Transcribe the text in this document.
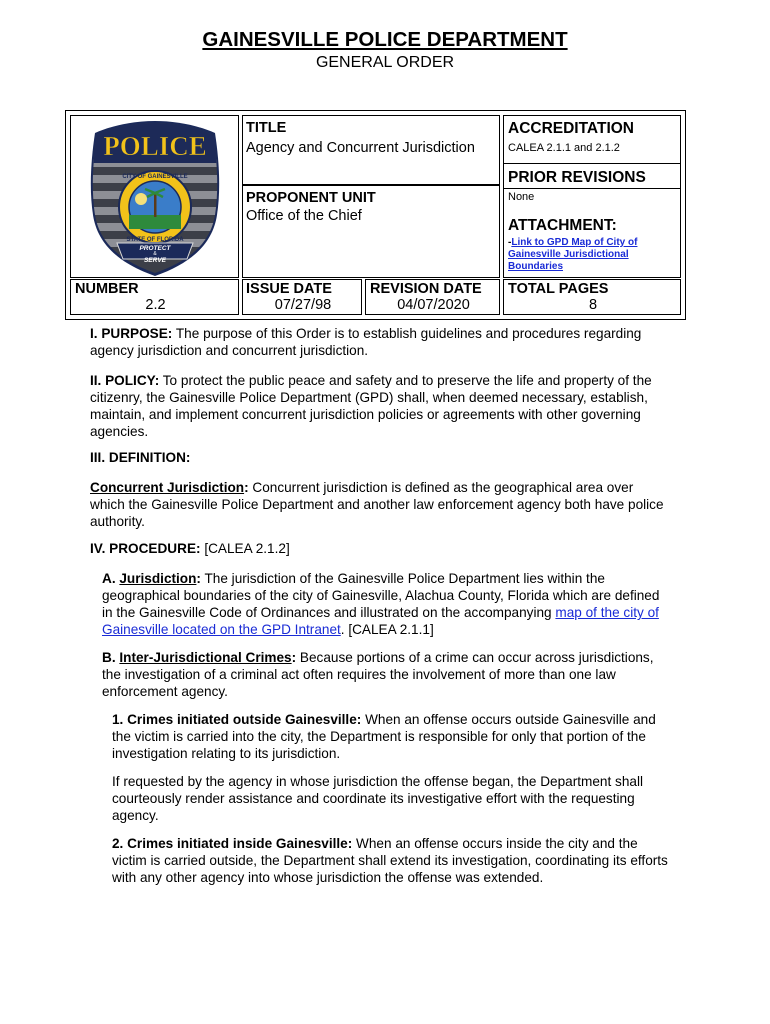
GAINESVILLE POLICE DEPARTMENT
GENERAL ORDER
POLICE
CITY OF GAINESVILLE
STATE OF FLORIDA
PROTECT
&
SERVE
TITLE
Agency and Concurrent Jurisdiction
PROPONENT UNIT
Office of the Chief
ACCREDITATION
CALEA 2.1.1 and 2.1.2
PRIOR REVISIONS
None
ATTACHMENT:
-Link to GPD Map of City of
Gainesville Jurisdictional
Boundaries
NUMBER
2.2
ISSUE DATE
07/27/98
REVISION DATE
04/07/2020
TOTAL PAGES
8

I. PURPOSE: The purpose of this Order is to establish guidelines and procedures regarding

agency jurisdiction and concurrent jurisdiction.

II. POLICY: To protect the public peace and safety and to preserve the life and property of the

citizenry, the Gainesville Police Department (GPD) shall, when deemed necessary, establish,

maintain, and implement concurrent jurisdiction policies or agreements with other governing

agencies.

III. DEFINITION:

Concurrent Jurisdiction: Concurrent jurisdiction is defined as the geographical area over

which the Gainesville Police Department and another law enforcement agency both have police

authority.

IV. PROCEDURE: [CALEA 2.1.2]

A. Jurisdiction: The jurisdiction of the Gainesville Police Department lies within the

geographical boundaries of the city of Gainesville, Alachua County, Florida which are defined

in the Gainesville Code of Ordinances and illustrated on the accompanying map of the city of

Gainesville located on the GPD Intranet. [CALEA 2.1.1]

B. Inter-Jurisdictional Crimes: Because portions of a crime can occur across jurisdictions,

the investigation of a criminal act often requires the involvement of more than one law

enforcement agency.

1. Crimes initiated outside Gainesville: When an offense occurs outside Gainesville and

the victim is carried into the city, the Department is responsible for only that portion of the

investigation relating to its jurisdiction.

If requested by the agency in whose jurisdiction the offense began, the Department shall

courteously render assistance and coordinate its investigative effort with the requesting

agency.

2. Crimes initiated inside Gainesville: When an offense occurs inside the city and the

victim is carried outside, the Department shall extend its investigation, coordinating its efforts

with any other agency into whose jurisdiction the offense was extended.
